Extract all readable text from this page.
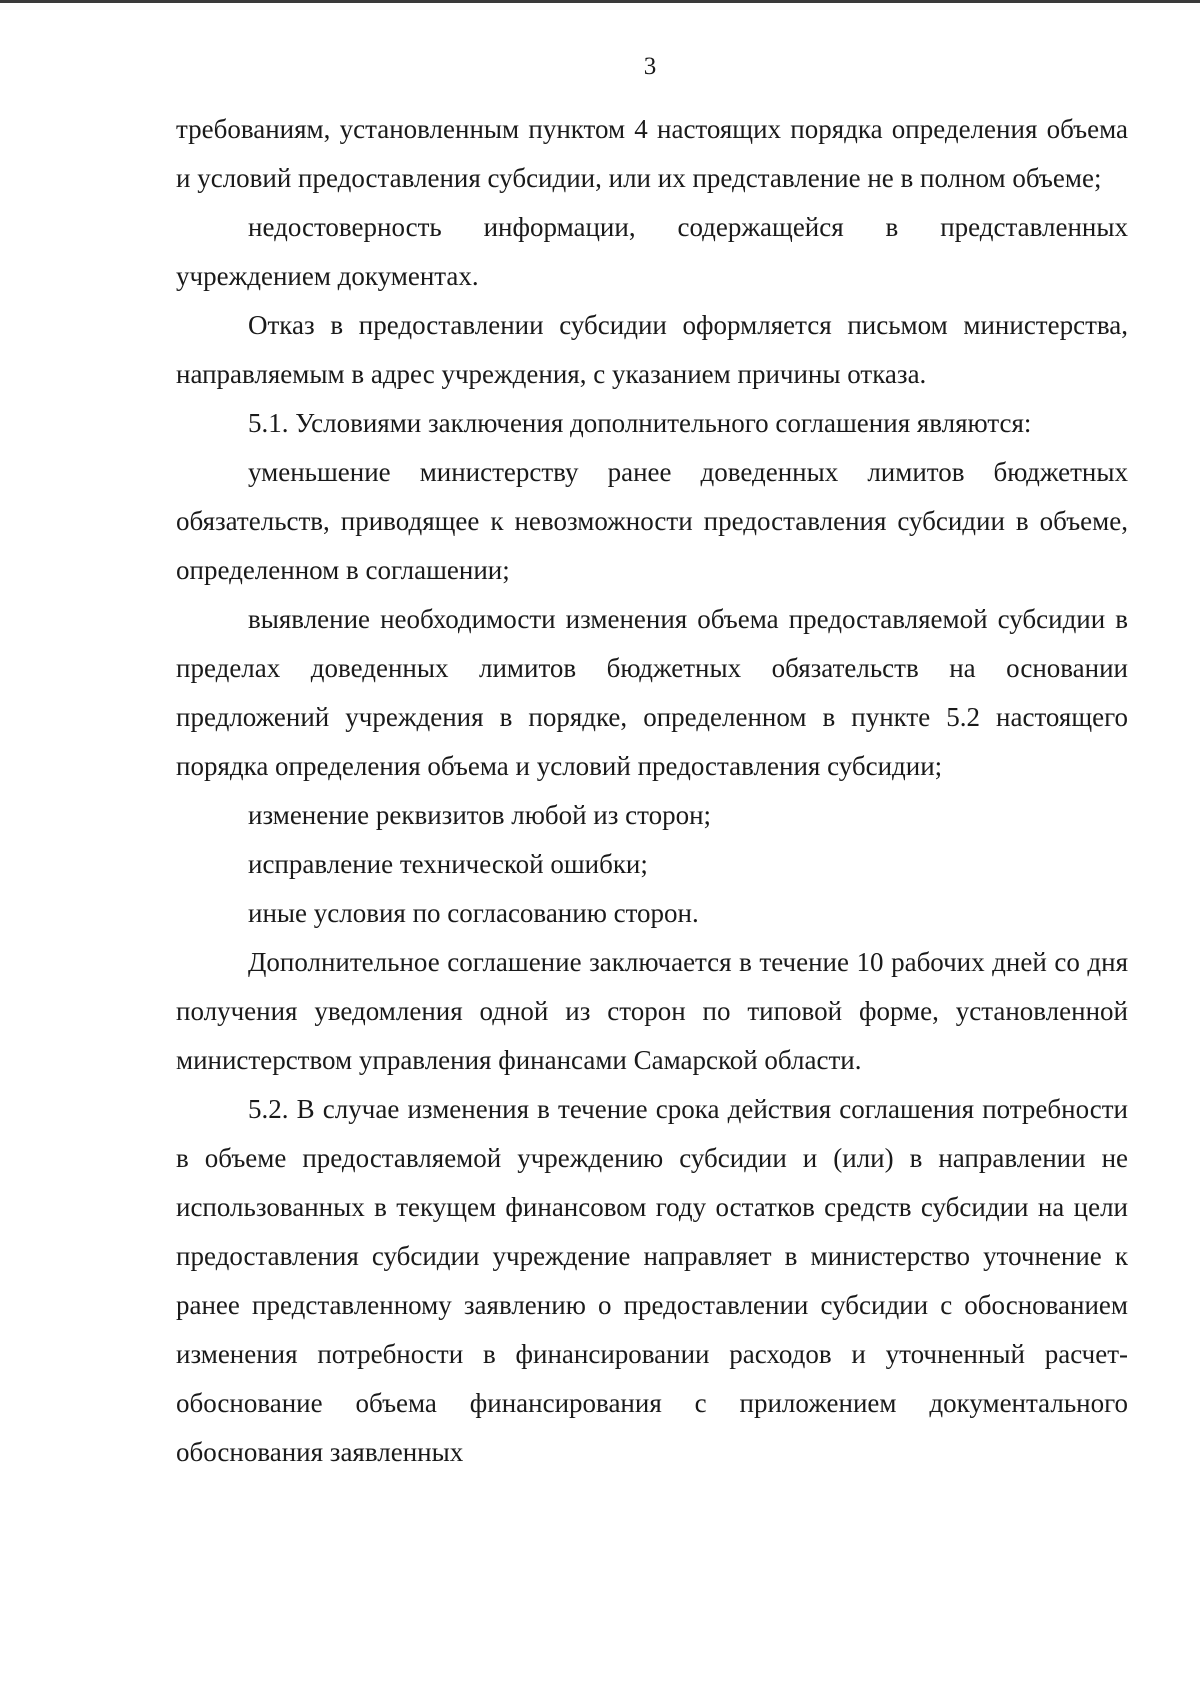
3

требованиям, установленным пунктом 4 настоящих порядка определения объема и условий предоставления субсидии, или их представление не в полном объеме;

недостоверность информации, содержащейся в представленных учреждением документах.

Отказ в предоставлении субсидии оформляется письмом министерства, направляемым в адрес учреждения, с указанием причины отказа.

5.1. Условиями заключения дополнительного соглашения являются:

уменьшение министерству ранее доведенных лимитов бюджетных обязательств, приводящее к невозможности предоставления субсидии в объеме, определенном в соглашении;

выявление необходимости изменения объема предоставляемой субсидии в пределах доведенных лимитов бюджетных обязательств на основании предложений учреждения в порядке, определенном в пункте 5.2 настоящего порядка определения объема и условий предоставления субсидии;

изменение реквизитов любой из сторон;

исправление технической ошибки;

иные условия по согласованию сторон.

Дополнительное соглашение заключается в течение 10 рабочих дней со дня получения уведомления одной из сторон по типовой форме, установленной министерством управления финансами Самарской области.

5.2. В случае изменения в течение срока действия соглашения потребности в объеме предоставляемой учреждению субсидии и (или) в направлении не использованных в текущем финансовом году остатков средств субсидии на цели предоставления субсидии учреждение направляет в министерство уточнение к ранее представленному заявлению о предоставлении субсидии с обоснованием изменения потребности в финансировании расходов и уточненный расчет-обоснование объема финансирования с приложением документального обоснования заявленных
